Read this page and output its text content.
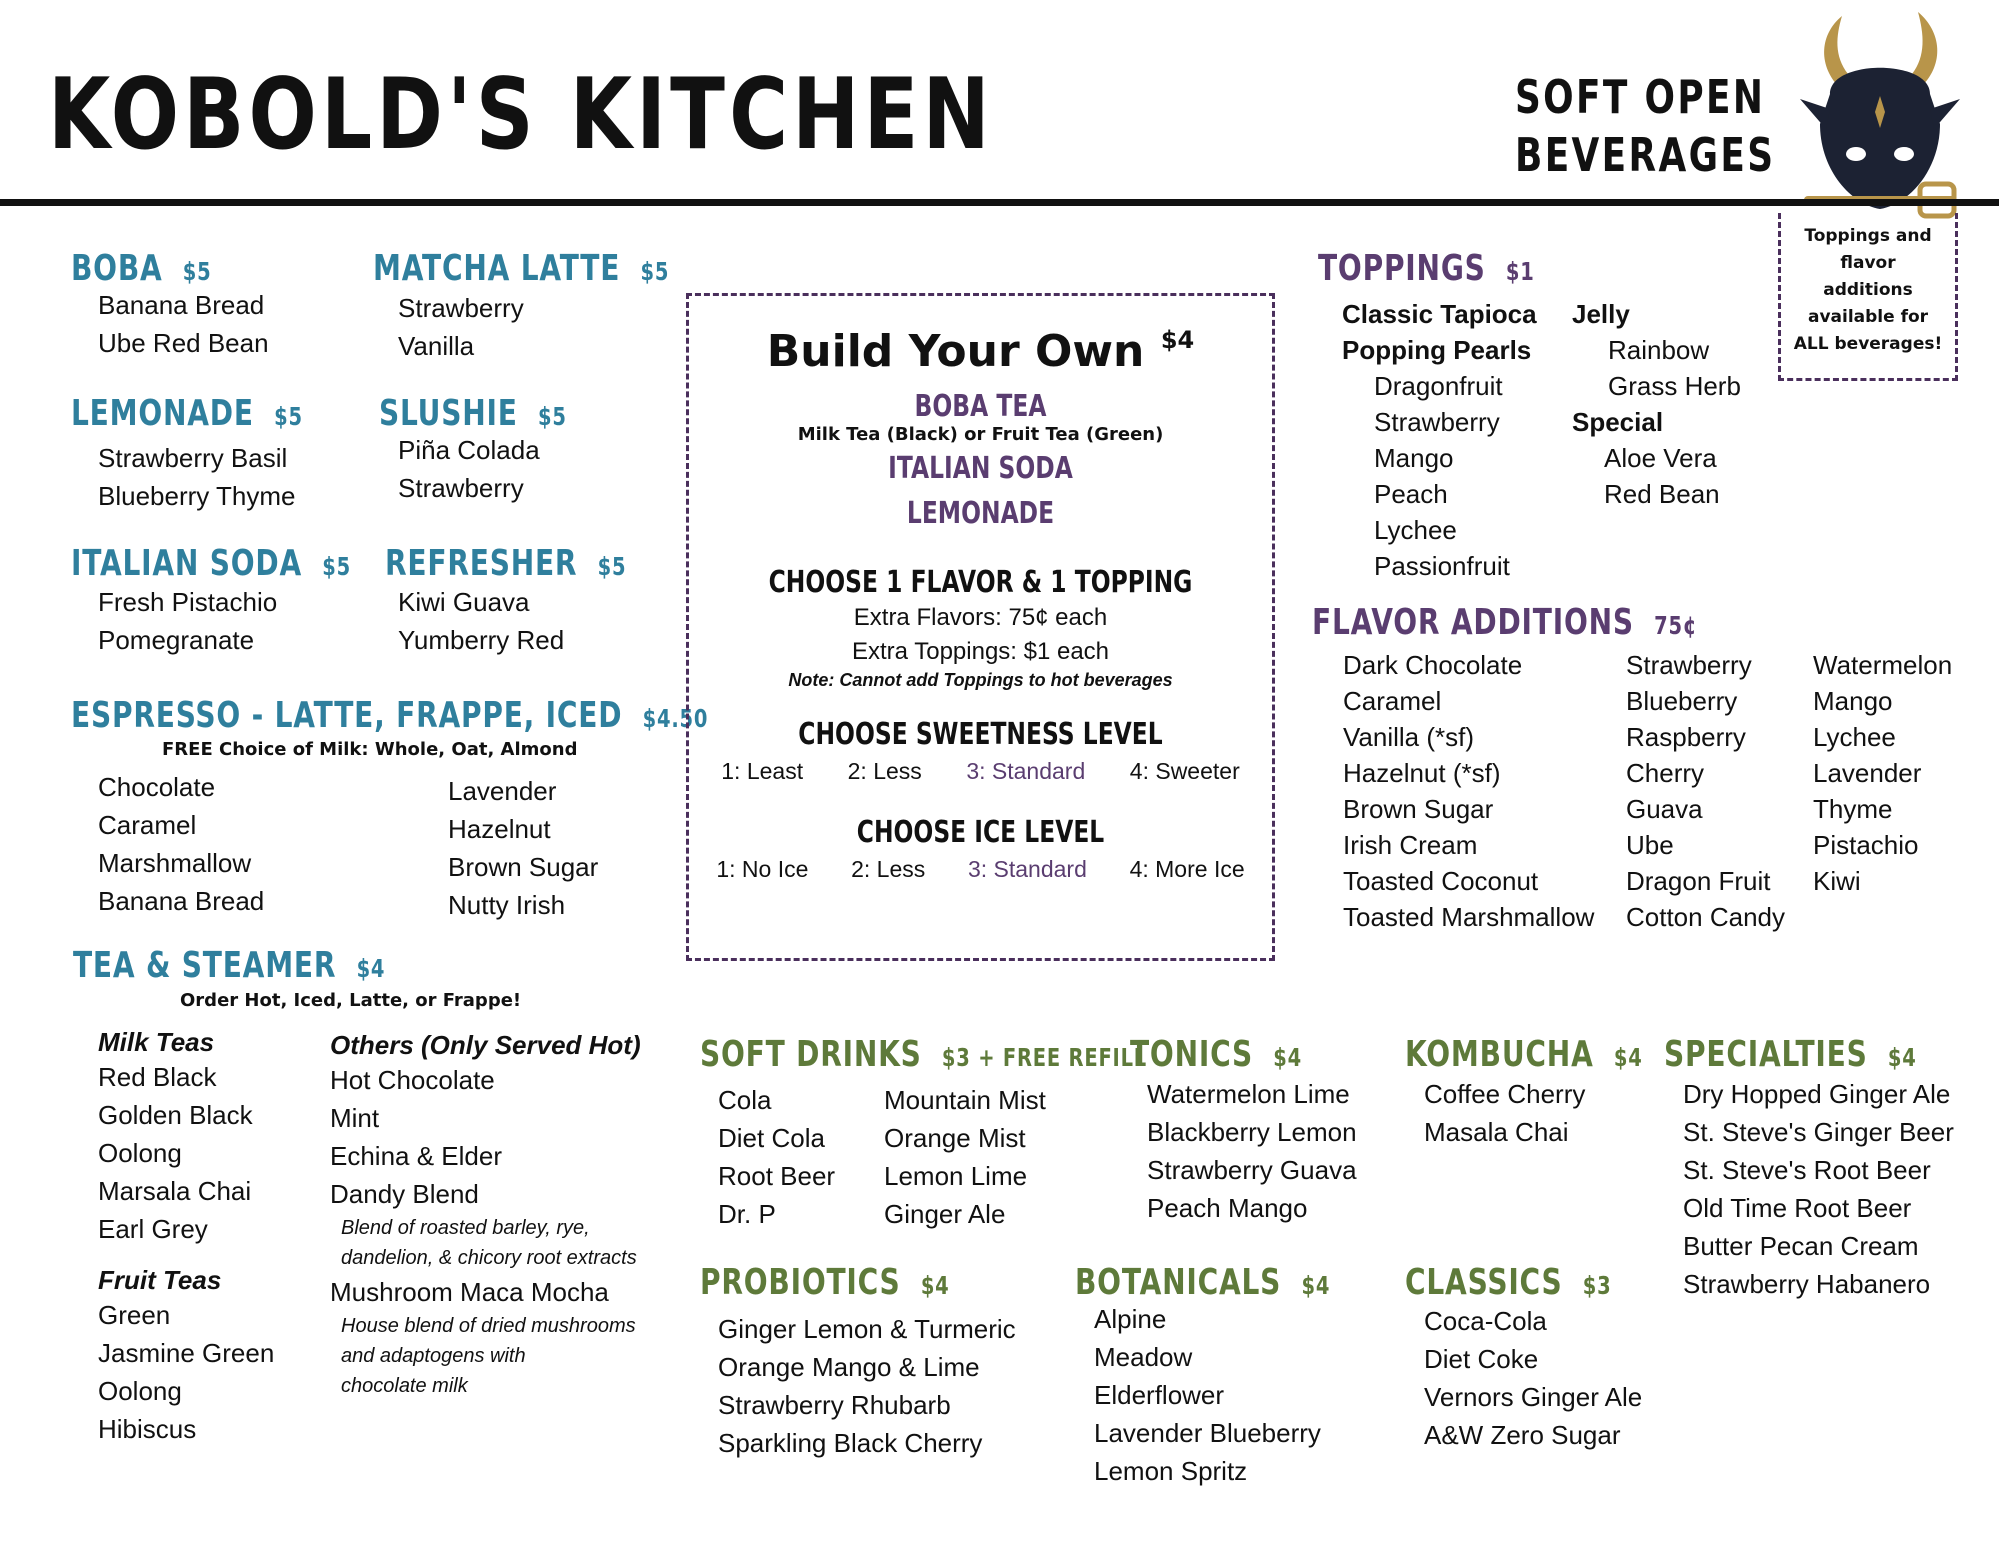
KOBOLD'S KITCHEN	SOFT OPEN
BEVERAGES
Toppings and
flavor
additions
available for
ALL beverages!
BOBA $5
Banana Bread
Ube Red Bean
MATCHA LATTE $5
Strawberry
Vanilla
LEMONADE $5
Strawberry Basil
Blueberry Thyme
SLUSHIE $5
Piña Colada
Strawberry
ITALIAN SODA $5
Fresh Pistachio
Pomegranate
REFRESHER $5
Kiwi Guava
Yumberry Red
ESPRESSO - LATTE, FRAPPE, ICED $4.50
FREE Choice of Milk: Whole, Oat, Almond
Chocolate
Caramel
Marshmallow
Banana Bread
Lavender
Hazelnut
Brown Sugar
Nutty Irish
TEA & STEAMER $4
Order Hot, Iced, Latte, or Frappe!
Milk Teas
Red Black
Golden Black
Oolong
Marsala Chai
Earl Grey
Fruit Teas
Green
Jasmine Green
Oolong
Hibiscus
Others (Only Served Hot)
Hot Chocolate
Mint
Echina & Elder
Dandy Blend
Blend of roasted barley, rye,
dandelion, & chicory root extracts
Mushroom Maca Mocha
House blend of dried mushrooms
and adaptogens with
chocolate milk
Build Your Own $4
BOBA TEA
Milk Tea (Black) or Fruit Tea (Green)
ITALIAN SODA
LEMONADE
CHOOSE 1 FLAVOR & 1 TOPPING
Extra Flavors: 75¢ each
Extra Toppings: $1 each
Note: Cannot add Toppings to hot beverages
CHOOSE SWEETNESS LEVEL
1: Least 2: Less 3: Standard 4: Sweeter
CHOOSE ICE LEVEL
1: No Ice 2: Less 3: Standard 4: More Ice
TOPPINGS $1
Classic Tapioca
Popping Pearls
Dragonfruit
Strawberry
Mango
Peach
Lychee
Passionfruit
Jelly
Rainbow
Grass Herb
Special
Aloe Vera
Red Bean
FLAVOR ADDITIONS 75¢
Dark Chocolate
Caramel
Vanilla (*sf)
Hazelnut (*sf)
Brown Sugar
Irish Cream
Toasted Coconut
Toasted Marshmallow
Strawberry
Blueberry
Raspberry
Cherry
Guava
Ube
Dragon Fruit
Cotton Candy
Watermelon
Mango
Lychee
Lavender
Thyme
Pistachio
Kiwi
SOFT DRINKS $3 + FREE REFILL
Cola
Diet Cola
Root Beer
Dr. P
Mountain Mist
Orange Mist
Lemon Lime
Ginger Ale
TONICS $4
Watermelon Lime
Blackberry Lemon
Strawberry Guava
Peach Mango
KOMBUCHA $4
Coffee Cherry
Masala Chai
SPECIALTIES $4
Dry Hopped Ginger Ale
St. Steve's Ginger Beer
St. Steve's Root Beer
Old Time Root Beer
Butter Pecan Cream
Strawberry Habanero
PROBIOTICS $4
Ginger Lemon & Turmeric
Orange Mango & Lime
Strawberry Rhubarb
Sparkling Black Cherry
BOTANICALS $4
Alpine
Meadow
Elderflower
Lavender Blueberry
Lemon Spritz
CLASSICS $3
Coca-Cola
Diet Coke
Vernors Ginger Ale
A&W Zero Sugar
